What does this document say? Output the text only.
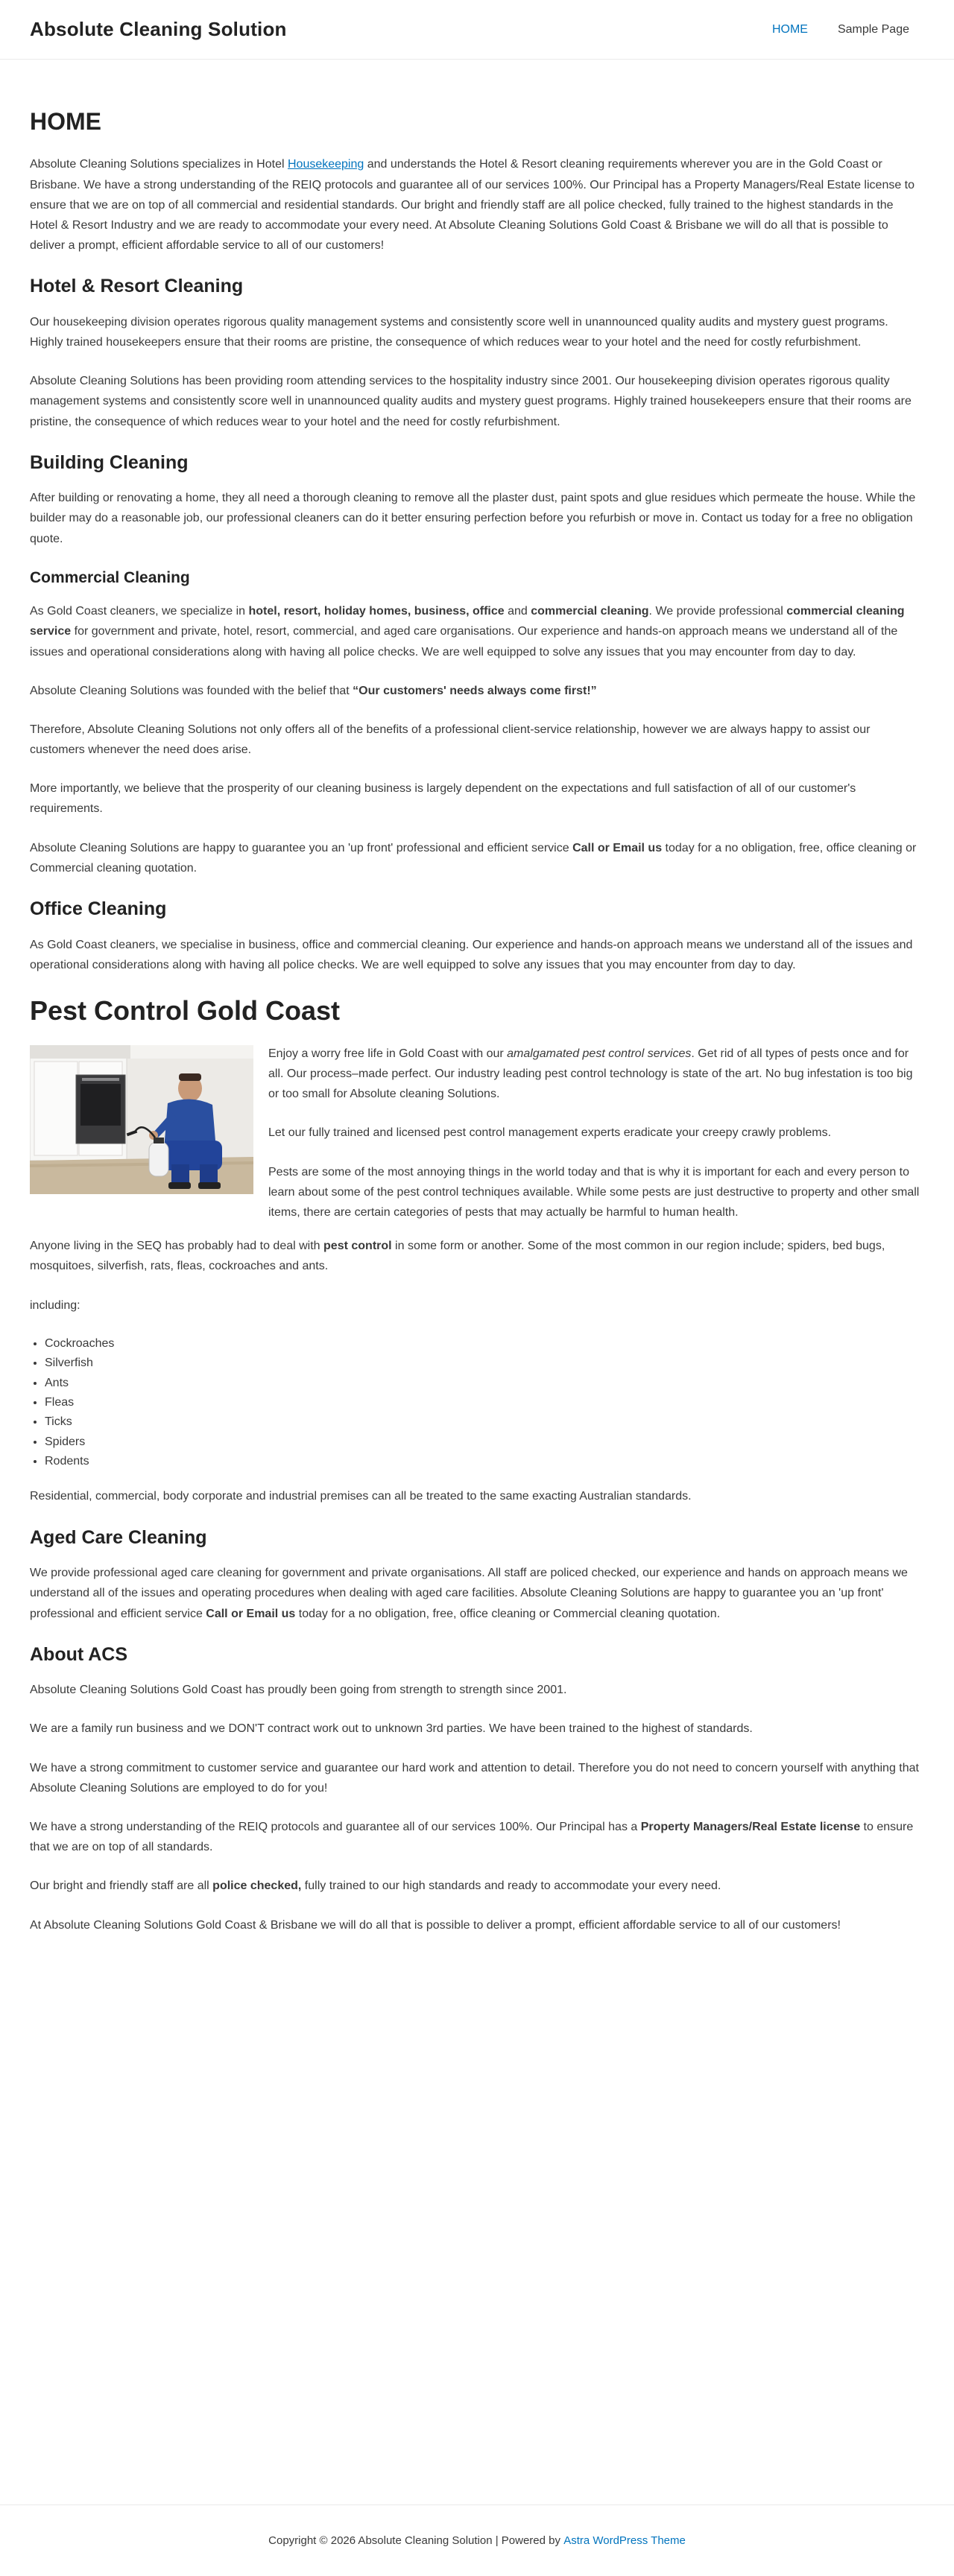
Absolute Cleaning Solution	HOME	Sample Page
HOME

Absolute Cleaning Solutions specializes in Hotel Housekeeping and understands the Hotel & Resort cleaning requirements wherever you are in the Gold Coast or Brisbane. We have a strong understanding of the REIQ protocols and guarantee all of our services 100%. Our Principal has a Property Managers/Real Estate license to ensure that we are on top of all commercial and residential standards. Our bright and friendly staff are all police checked, fully trained to the highest standards in the Hotel & Resort Industry and we are ready to accommodate your every need. At Absolute Cleaning Solutions Gold Coast & Brisbane we will do all that is possible to deliver a prompt, efficient affordable service to all of our customers!

Hotel & Resort Cleaning

Our housekeeping division operates rigorous quality management systems and consistently score well in unannounced quality audits and mystery guest programs. Highly trained housekeepers ensure that their rooms are pristine, the consequence of which reduces wear to your hotel and the need for costly refurbishment.

Absolute Cleaning Solutions has been providing room attending services to the hospitality industry since 2001. Our housekeeping division operates rigorous quality management systems and consistently score well in unannounced quality audits and mystery guest programs. Highly trained housekeepers ensure that their rooms are pristine, the consequence of which reduces wear to your hotel and the need for costly refurbishment.

Building Cleaning

After building or renovating a home, they all need a thorough cleaning to remove all the plaster dust, paint spots and glue residues which permeate the house. While the builder may do a reasonable job, our professional cleaners can do it better ensuring perfection before you refurbish or move in. Contact us today for a free no obligation quote.

Commercial Cleaning

As Gold Coast cleaners, we specialize in hotel, resort, holiday homes, business, office and commercial cleaning. We provide professional commercial cleaning service for government and private, hotel, resort, commercial, and aged care organisations. Our experience and hands-on approach means we understand all of the issues and operational considerations along with having all police checks. We are well equipped to solve any issues that you may encounter from day to day.

Absolute Cleaning Solutions was founded with the belief that “Our customers' needs always come first!”

Therefore, Absolute Cleaning Solutions not only offers all of the benefits of a professional client-service relationship, however we are always happy to assist our customers whenever the need does arise.

More importantly, we believe that the prosperity of our cleaning business is largely dependent on the expectations and full satisfaction of all of our customer's requirements.

Absolute Cleaning Solutions are happy to guarantee you an 'up front' professional and efficient service Call or Email us today for a no obligation, free, office cleaning or Commercial cleaning quotation.

Office Cleaning

As Gold Coast cleaners, we specialise in business, office and commercial cleaning. Our experience and hands-on approach means we understand all of the issues and operational considerations along with having all police checks. We are well equipped to solve any issues that you may encounter from day to day.

Pest Control Gold Coast

Enjoy a worry free life in Gold Coast with our amalgamated pest control services. Get rid of all types of pests once and for all. Our process–made perfect. Our industry leading pest control technology is state of the art. No bug infestation is too big or too small for Absolute cleaning Solutions.

Let our fully trained and licensed pest control management experts eradicate your creepy crawly problems.

Pests are some of the most annoying things in the world today and that is why it is important for each and every person to learn about some of the pest control techniques available. While some pests are just destructive to property and other small items, there are certain categories of pests that may actually be harmful to human health.

Anyone living in the SEQ has probably had to deal with pest control in some form or another. Some of the most common in our region include; spiders, bed bugs, mosquitoes, silverfish, rats, fleas, cockroaches and ants.

including:

• Cockroaches
• Silverfish
• Ants
• Fleas
• Ticks
• Spiders
• Rodents

Residential, commercial, body corporate and industrial premises can all be treated to the same exacting Australian standards.

Aged Care Cleaning

We provide professional aged care cleaning for government and private organisations. All staff are policed checked, our experience and hands on approach means we understand all of the issues and operating procedures when dealing with aged care facilities. Absolute Cleaning Solutions are happy to guarantee you an 'up front' professional and efficient service Call or Email us today for a no obligation, free, office cleaning or Commercial cleaning quotation.

About ACS

Absolute Cleaning Solutions Gold Coast has proudly been going from strength to strength since 2001.

We are a family run business and we DON'T contract work out to unknown 3rd parties. We have been trained to the highest of standards.

We have a strong commitment to customer service and guarantee our hard work and attention to detail. Therefore you do not need to concern yourself with anything that Absolute Cleaning Solutions are employed to do for you!

We have a strong understanding of the REIQ protocols and guarantee all of our services 100%. Our Principal has a Property Managers/Real Estate license to ensure that we are on top of all standards.

Our bright and friendly staff are all police checked, fully trained to our high standards and ready to accommodate your every need.

At Absolute Cleaning Solutions Gold Coast & Brisbane we will do all that is possible to deliver a prompt, efficient affordable service to all of our customers!

Copyright © 2026 Absolute Cleaning Solution | Powered by
Astra WordPress Theme
